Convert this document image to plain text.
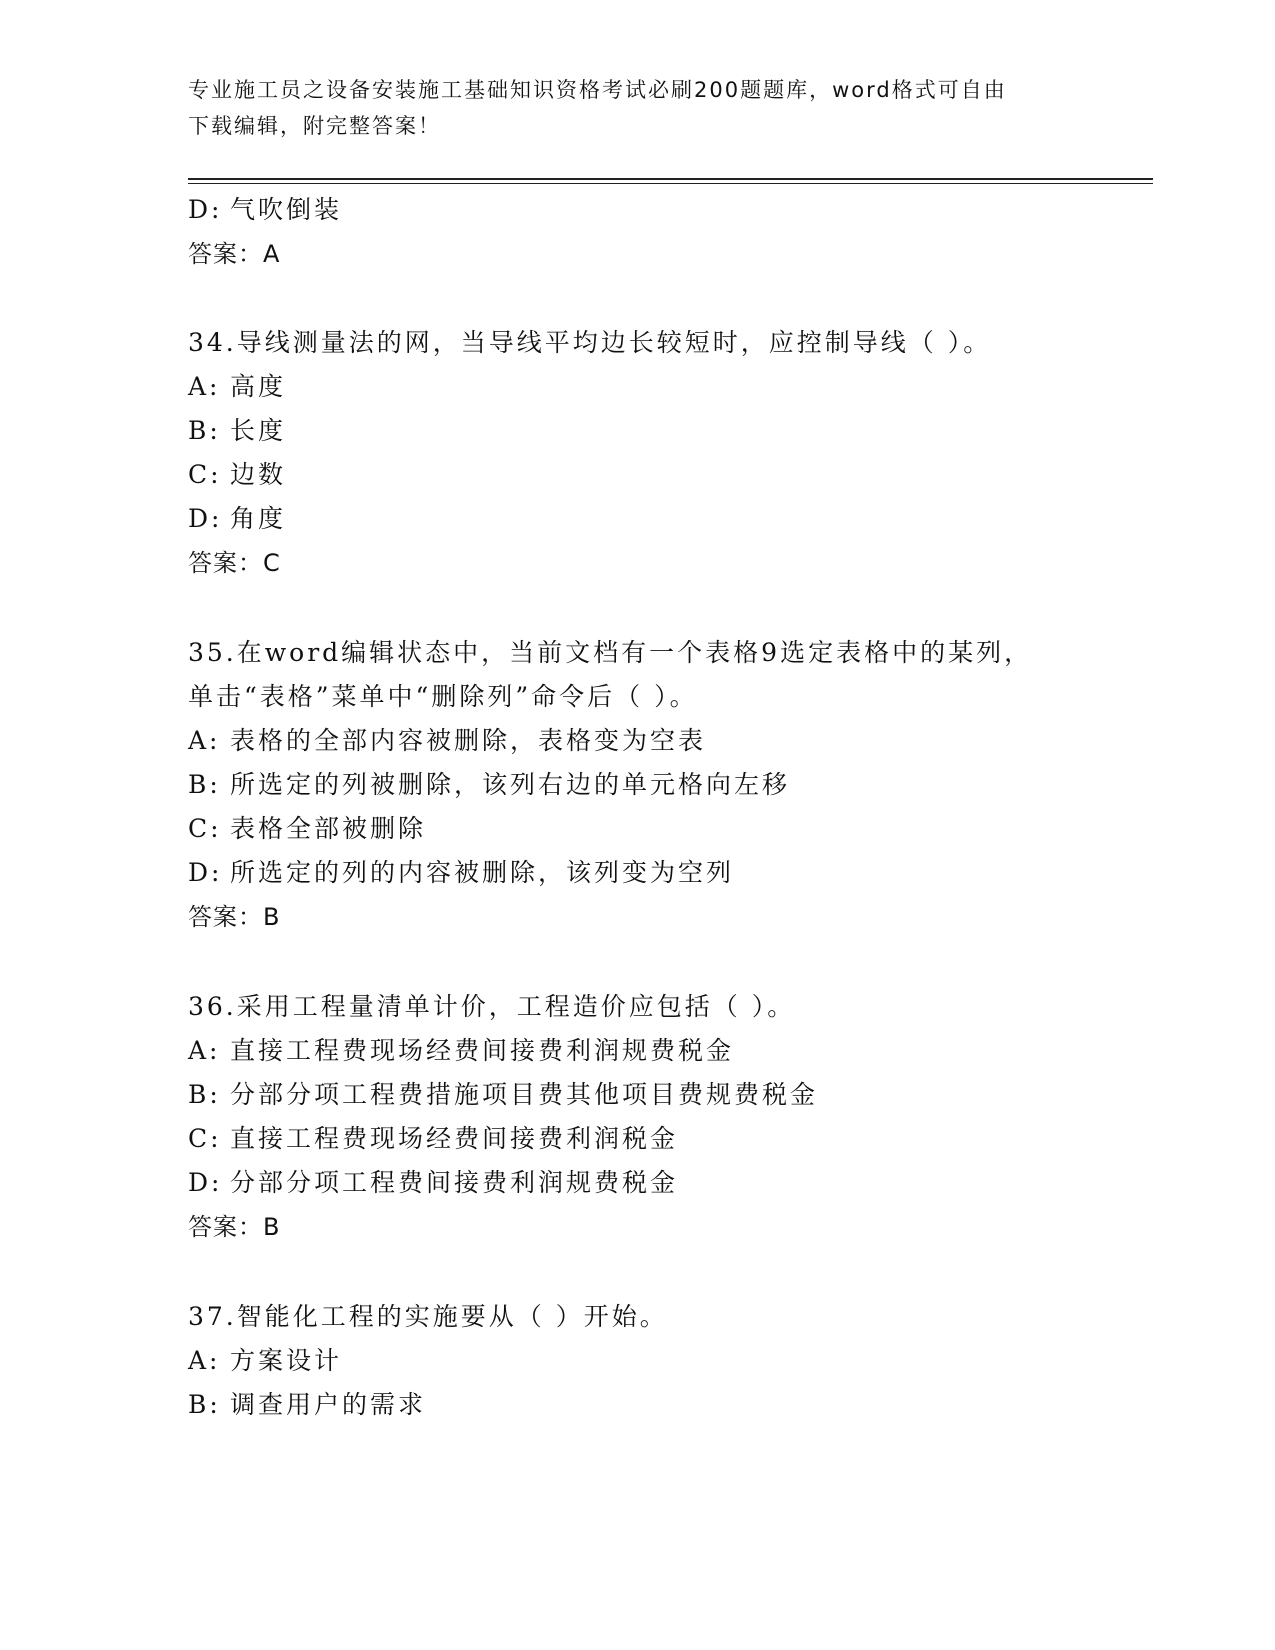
专业施工员之设备安装施工基础知识资格考试必刷200题题库，word格式可自由
下载编辑，附完整答案！
D: 气吹倒装
答案：A
34.导线测量法的网，当导线平均边长较短时，应控制导线（ ）。
A: 高度
B: 长度
C: 边数
D: 角度
答案：C
35.在word编辑状态中，当前文档有一个表格9选定表格中的某列，
单击“表格”菜单中“删除列”命令后（ ）。
A: 表格的全部内容被删除，表格变为空表
B: 所选定的列被删除，该列右边的单元格向左移
C: 表格全部被删除
D: 所选定的列的内容被删除，该列变为空列
答案：B
36.采用工程量清单计价，工程造价应包括（ ）。
A: 直接工程费现场经费间接费利润规费税金
B: 分部分项工程费措施项目费其他项目费规费税金
C: 直接工程费现场经费间接费利润税金
D: 分部分项工程费间接费利润规费税金
答案：B
37.智能化工程的实施要从（ ）开始。
A: 方案设计
B: 调查用户的需求
